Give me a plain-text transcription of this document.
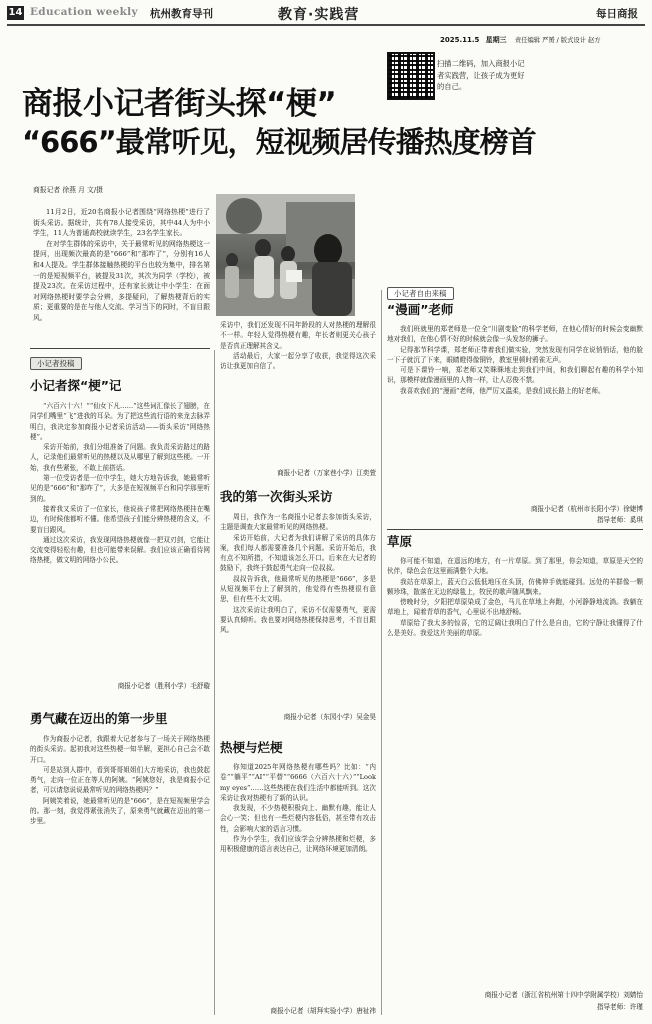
14 Education weekly 杭州教育导刊	教育·实践营	每日商报
2025.11.5 星期三 责任编辑 严赟 / 版式设计 赵方
扫描二维码，加入商报小记者实践营，让孩子成为更好的自己。
商报小记者街头探“梗”
“666”最常听见，短视频居传播热度榜首
商报记者 徐燕 月 文/摄

11月2日，近20名商报小记者围绕“网络热梗”进行了街头采访。据统计，共有78人接受采访，其中44人为中小学生，11人为普通高校就读学生，23名学生家长。

在对学生群体的采访中，关于最常听见的网络热梗这一提问，出现频次最高的是“666”和“那咋了”，分别有16人和4人提及。学生群体接触热梗的平台也较为集中，排名第一的是短视频平台，被提及31次，其次为同学（学校），被提及23次。在采访过程中，还有家长就让中小学生：在面对网络热梗时要学会分辨，多提疑问，了解热梗背后的实质；更重要的是在与他人交流、学习当下的同时，不盲目跟风。

小记者自由来稿
小记者投稿
小记者探“梗”记

“六百六十六！”“仙女下凡……”这些词汇像长了翅膀，在同学们嘴里“飞”进我的耳朵。为了把这些流行语的来龙去脉弄明白，我决定参加商报小记者采访活动——街头采访“网络热梗”。

采访开始前，我们分组准备了问题。我负责采访路过的路人，记录他们最常听见的热梗以及从哪里了解到这些梗。一开始，我有些紧张，不敢上前搭话。

第一位受访者是一位中学生，她大方地告诉我，她最常听见的是“666”和“那咋了”，大多是在短视频平台和同学那里听到的。

接着我又采访了一位家长，他说孩子常把网络热梗挂在嘴边，有时候他都听不懂。他希望孩子们能分辨热梗的含义，不要盲目跟风。

通过这次采访，我发现网络热梗就像一把双刃剑，它能让交流变得轻松有趣，但也可能带来误解。我们应该正确看待网络热梗，做文明的网络小公民。

商报小记者（胜利小学）毛舒璇
勇气藏在迈出的第一步里

作为商报小记者，我跟着大记者参与了一场关于网络热梗的街头采访。起初我对这些热梗一知半解，更担心自己会不敢开口。

可是站到人群中，看到哥哥姐姐们大方地采访，我也鼓起勇气，走向一位正在等人的阿姨。“阿姨您好，我是商报小记者，可以请您说说最常听见的网络热梗吗？”

阿姨笑着说，她最常听见的是“666”，是在短视频里学会的。那一刻，我觉得紧张消失了，原来勇气就藏在迈出的第一步里。

采访中，我们还发现不同年龄段的人对热梗的理解很不一样。年轻人觉得热梗有趣，年长者则更关心孩子是否真正理解其含义。

活动最后，大家一起分享了收获，我觉得这次采访让我更加自信了。

商报小记者（万家巷小学）江奕萱
我的第一次街头采访

周日，我作为一名商报小记者去参加街头采访，主题是调查大家最常听见的网络热梗。

采访开始前，大记者为我们讲解了采访的具体方案，我们每人都需要准备几个问题。采访开始后，我有点不知所措，不知道该怎么开口。后来在大记者的鼓励下，我终于鼓起勇气走向一位叔叔。

叔叔告诉我，他最常听见的热梗是“666”，多是从短视频平台上了解到的，他觉得有些热梗很有意思，但有些不太文明。

这次采访让我明白了，采访不仅需要勇气，更需要认真倾听。我也要对网络热梗保持思考，不盲目跟风。

商报小记者（东园小学）吴金昊
热梗与烂梗

你知道2025年网络热梗有哪些吗？比如：“内卷”“躺平”“AI”“平替”“6666（六百六十六）”“Look my eyes”……这些热梗在我们生活中都能听到。这次采访让我对热梗有了新的认识。

我发现，不少热梗积极向上、幽默有趣，能让人会心一笑；但也有一些烂梗内容低俗，甚至带有攻击性，会影响大家的语言习惯。

作为小学生，我们应该学会分辨热梗和烂梗，多用积极健康的语言表达自己，让网络环境更加清朗。

商报小记者（胡拜实验小学）唐祉祎
“漫画”老师

我们班就里的郑老师是一位全“川剧变脸”的科学老师，在他心情好的时候会变幽默地对我们，在他心情不好的时候就会像一头发怒的狮子。

记得那节科学课，郑老师正带着我们做实验，突然发现有同学在说悄悄话，他的脸一下子就沉了下来，眼睛瞪得像铜铃，教室里顿时鸦雀无声。

可是下课铃一响，郑老师又笑眯眯地走到我们中间，和我们聊起有趣的科学小知识，那模样就像漫画里的人物一样，让人忍俊不禁。

我喜欢我们的“漫画”老师，他严厉又温柔，是我们成长路上的好老师。

商报小记者（杭州市长阳小学）徐婕博
指导老师：奚琪
草原

你可能不知道，在遥远的地方，有一片草原。到了那里，你会知道，草原是天空的伙伴，绿色会在这里画满整个大地。

我站在草原上，蓝天白云低低地压在头顶，仿佛伸手就能碰到。远处的羊群像一颗颗珍珠，散落在无边的绿毯上，牧民的歌声随风飘来。

傍晚时分，夕阳把草原染成了金色，马儿在草地上奔跑，小河静静地流淌。我躺在草地上，闻着青草的香气，心里说不出地舒畅。

草原给了我太多的惊喜，它的辽阔让我明白了什么是自由，它的宁静让我懂得了什么是美好。我爱这片美丽的草原。

商报小记者（浙江省杭州第十四中学附属学校）刘婧怡
指导老师：许瑾
